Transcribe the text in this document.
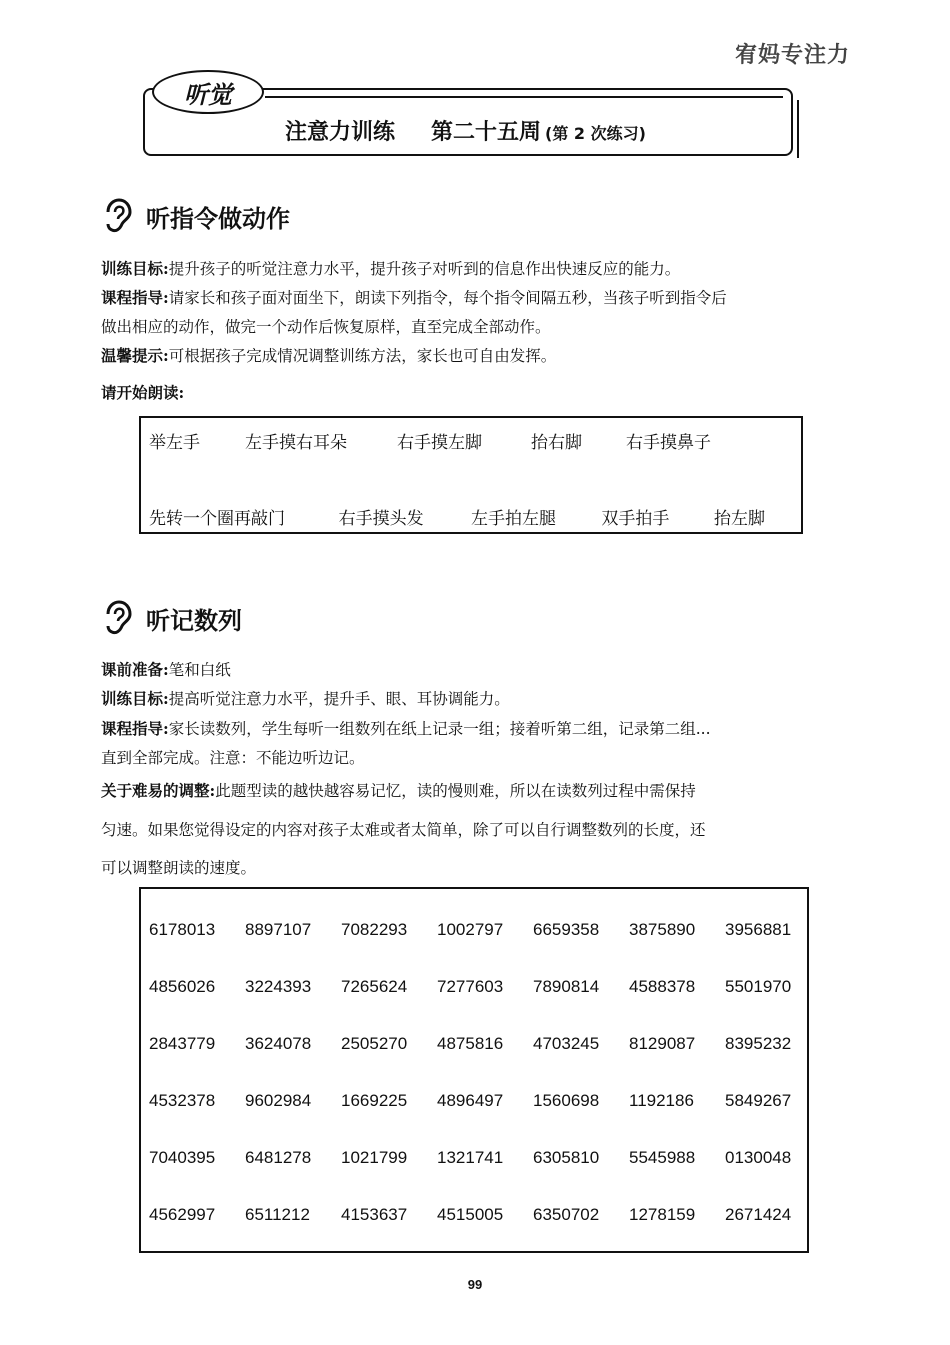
宥妈专注力
听觉
注意力训练 第二十五周 (第 2 次练习)
听指令做动作
训练目标:提升孩子的听觉注意力水平，提升孩子对听到的信息作出快速反应的能力。
课程指导:请家长和孩子面对面坐下，朗读下列指令，每个指令间隔五秒，当孩子听到指令后
做出相应的动作，做完一个动作后恢复原样，直至完成全部动作。
温馨提示:可根据孩子完成情况调整训练方法，家长也可自由发挥。
请开始朗读:
举左手	左手摸右耳朵	右手摸左脚	抬右脚	右手摸鼻子
先转一个圈再敲门	右手摸头发	左手拍左腿	双手拍手	抬左脚
听记数列
课前准备:笔和白纸
训练目标:提高听觉注意力水平，提升手、眼、耳协调能力。
课程指导:家长读数列，学生每听一组数列在纸上记录一组；接着听第二组，记录第二组...
直到全部完成。注意：不能边听边记。
关于难易的调整:此题型读的越快越容易记忆，读的慢则难，所以在读数列过程中需保持
匀速。如果您觉得设定的内容对孩子太难或者太简单，除了可以自行调整数列的长度，还
可以调整朗读的速度。
6178013	8897107	7082293	1002797	6659358	3875890	3956881
4856026	3224393	7265624	7277603	7890814	4588378	5501970
2843779	3624078	2505270	4875816	4703245	8129087	8395232
4532378	9602984	1669225	4896497	1560698	1192186	5849267
7040395	6481278	1021799	1321741	6305810	5545988	0130048
4562997	6511212	4153637	4515005	6350702	1278159	2671424
99
